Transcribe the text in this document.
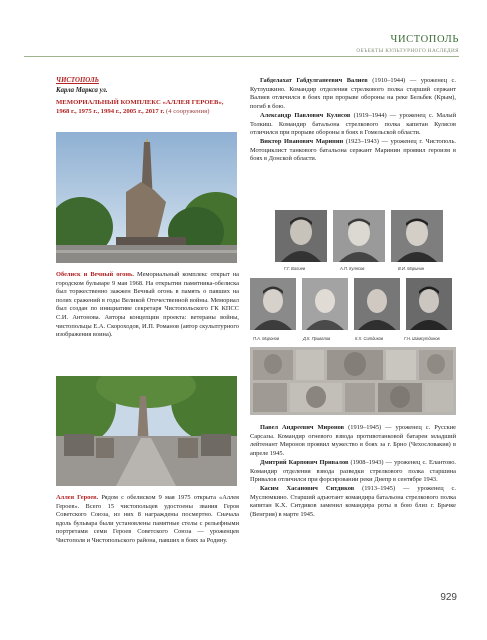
ЧИСТОПОЛЬ
ОБЪЕКТЫ КУЛЬТУРНОГО НАСЛЕДИЯ
ЧИСТОПОЛЬ
Карла Маркса ул.
МЕМОРИАЛЬНЫЙ КОМПЛЕКС «АЛЛЕЯ ГЕРОЕВ», 1968 г., 1975 г., 1994 г., 2005 г., 2017 г. (4 сооружения)
Обелиск и Вечный огонь. Мемориальный комплекс открыт на городском бульваре 9 мая 1968. На открытии памятника-обелиска был торжественно зажжен Вечный огонь в память о павших на полях сражений в годы Великой Отечественной войны. Мемориал был создан по инициативе секретаря Чистопольского ГК КПСС С.И. Антонова. Авторы концепции проекта: ветераны войны, чистопольцы Е.А. Скороходов, И.П. Романов (автор скульптурного изображения воина).
Аллея Героев. Рядом с обелиском 9 мая 1975 открыта «Аллея Героев». Всего 15 чистопольцев удостоены звания Героя Советского Союза, из них 8 награждены посмертно. Сначала вдоль бульвара были установлены памятные стелы с рельефными портретами семи Героев Советского Союза — уроженцев Чистополя и Чистопольского района, павших в боях за Родину.

Габделахат Габдулганеевич Валиев (1910–1944) — уроженец с. Кутлушкино. Командир отделения стрелкового полка старший сержант Валиев отличился в боях при прорыве обороны на реке Бельбек (Крым), погиб в бою.

Александр Павлович Кулясов (1919–1944) — уроженец с. Малый Толкиш. Командир батальона стрелкового полка капитан Кулясов отличился при прорыве обороны в боях в Гомельской области.

Виктор Иванович Маринин (1923–1943) — уроженец г. Чистополь. Мотоциклист танкового батальона сержант Маринин проявил героизм в боях в Донской области.

Г.Г. Валиев	А.П. Кулясов	В.И. Маринин
П.А. Миронов	Д.К. Привалов	К.Х. Ситдиков	Г.Н. Шамсутдинов

Павел Андреевич Миронов (1919–1945) — уроженец с. Русские Сарсазы. Командир огневого взвода противотанковой батареи младший лейтенант Миронов проявил мужество в боях за г. Брно (Чехословакия) в апреле 1945.

Дмитрий Карпович Привалов (1908–1943) — уроженец с. Елантово. Командир отделения взвода разведки стрелкового полка старшина Привалов отличился при форсировании реки Днепр в сентябре 1943.

Касим Хасанович Ситдиков (1913–1945) — уроженец с. Муслюмкино. Старший адъютант командира батальона стрелкового полка капитан К.Х. Ситдиков заменил командира роты в бою близ г. Брачке (Венгрия) в марте 1945.

929
